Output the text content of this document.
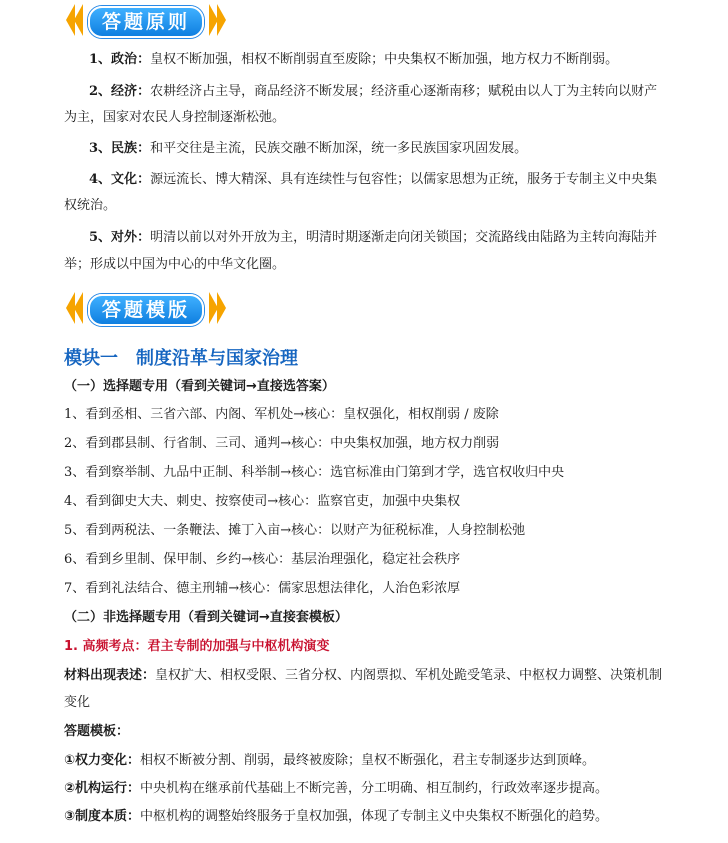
答题原则
1、政治：皇权不断加强，相权不断削弱直至废除；中央集权不断加强，地方权力不断削弱。
2、经济：农耕经济占主导，商品经济不断发展；经济重心逐渐南移；赋税由以人丁为主转向以财产
为主，国家对农民人身控制逐渐松弛。
3、民族：和平交往是主流，民族交融不断加深，统一多民族国家巩固发展。
4、文化：源远流长、博大精深、具有连续性与包容性；以儒家思想为正统，服务于专制主义中央集
权统治。
5、对外：明清以前以对外开放为主，明清时期逐渐走向闭关锁国；交流路线由陆路为主转向海陆并
举；形成以中国为中心的中华文化圈。
答题模版
模块一　制度沿革与国家治理
（一）选择题专用（看到关键词→直接选答案）
1、看到丞相、三省六部、内阁、军机处→核心：皇权强化，相权削弱 / 废除
2、看到郡县制、行省制、三司、通判→核心：中央集权加强，地方权力削弱
3、看到察举制、九品中正制、科举制→核心：选官标准由门第到才学，选官权收归中央
4、看到御史大夫、刺史、按察使司→核心：监察官吏，加强中央集权
5、看到两税法、一条鞭法、摊丁入亩→核心：以财产为征税标准，人身控制松弛
6、看到乡里制、保甲制、乡约→核心：基层治理强化，稳定社会秩序
7、看到礼法结合、德主刑辅→核心：儒家思想法律化，人治色彩浓厚
（二）非选择题专用（看到关键词→直接套模板）
1. 高频考点：君主专制的加强与中枢机构演变
材料出现表述：皇权扩大、相权受限、三省分权、内阁票拟、军机处跪受笔录、中枢权力调整、决策机制
变化
答题模板：
①权力变化：相权不断被分割、削弱，最终被废除；皇权不断强化，君主专制逐步达到顶峰。
②机构运行：中央机构在继承前代基础上不断完善，分工明确、相互制约，行政效率逐步提高。
③制度本质：中枢机构的调整始终服务于皇权加强，体现了专制主义中央集权不断强化的趋势。
